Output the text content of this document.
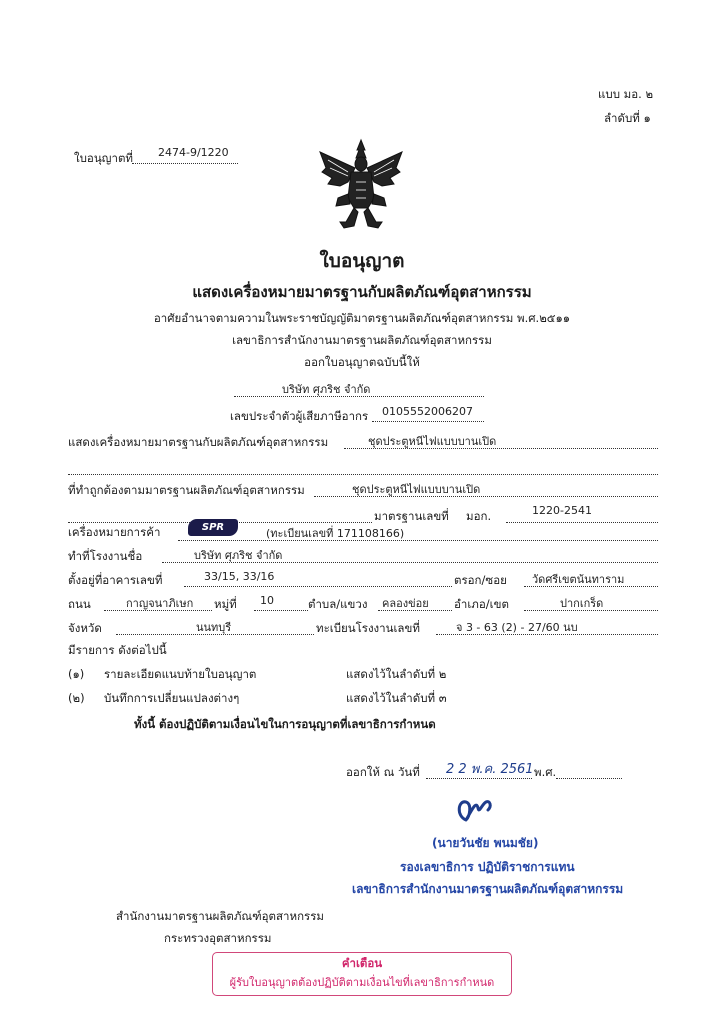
แบบ มอ. ๒
ลำดับที่ ๑
ใบอนุญาตที่ 2474-9/1220
ใบอนุญาต
แสดงเครื่องหมายมาตรฐานกับผลิตภัณฑ์อุตสาหกรรม
อาศัยอำนาจตามความในพระราชบัญญัติมาตรฐานผลิตภัณฑ์อุตสาหกรรม พ.ศ.๒๕๑๑
เลขาธิการสำนักงานมาตรฐานผลิตภัณฑ์อุตสาหกรรม
ออกใบอนุญาตฉบับนี้ให้
บริษัท ศุภริช จำกัด
เลขประจำตัวผู้เสียภาษีอากร 0105552006207
แสดงเครื่องหมายมาตรฐานกับผลิตภัณฑ์อุตสาหกรรม	ชุดประตูหนีไฟแบบบานเปิด
ที่ทำถูกต้องตามมาตรฐานผลิตภัณฑ์อุตสาหกรรม	ชุดประตูหนีไฟแบบบานเปิด
มาตรฐานเลขที่ มอก.	1220-2541
เครื่องหมายการค้า	SPR	(ทะเบียนเลขที่ 171108166)
ทำที่โรงงานชื่อ	บริษัท ศุภริช จำกัด
ตั้งอยู่ที่อาคารเลขที่	33/15, 33/16	ตรอก/ซอย วัดศรีเขตน้นทาราม
ถนน	กาญจนาภิเษก หมู่ที่ 10	ตำบล/แขวง คลองข่อย อำเภอ/เขต	ปากเกร็ด
จังหวัด	นนทบุรี	ทะเบียนโรงงานเลขที่	จ 3 - 63 (2) - 27/60 นบ
มีรายการ ดังต่อไปนี้
(๑) รายละเอียดแนบท้ายใบอนุญาต	แสดงไว้ในลำดับที่ ๒
(๒) บันทึกการเปลี่ยนแปลงต่างๆ	แสดงไว้ในลำดับที่ ๓
ทั้งนี้ ต้องปฏิบัติตามเงื่อนไขในการอนุญาตที่เลขาธิการกำหนด
ออกให้ ณ วันที่ 2 2 พ.ค. 2561 พ.ศ.
(นายวันชัย พนมชัย)
รองเลขาธิการ ปฏิบัติราชการแทน
เลขาธิการสำนักงานมาตรฐานผลิตภัณฑ์อุตสาหกรรม
สำนักงานมาตรฐานผลิตภัณฑ์อุตสาหกรรม
กระทรวงอุตสาหกรรม
คำเตือน
ผู้รับใบอนุญาตต้องปฏิบัติตามเงื่อนไขที่เลขาธิการกำหนด
